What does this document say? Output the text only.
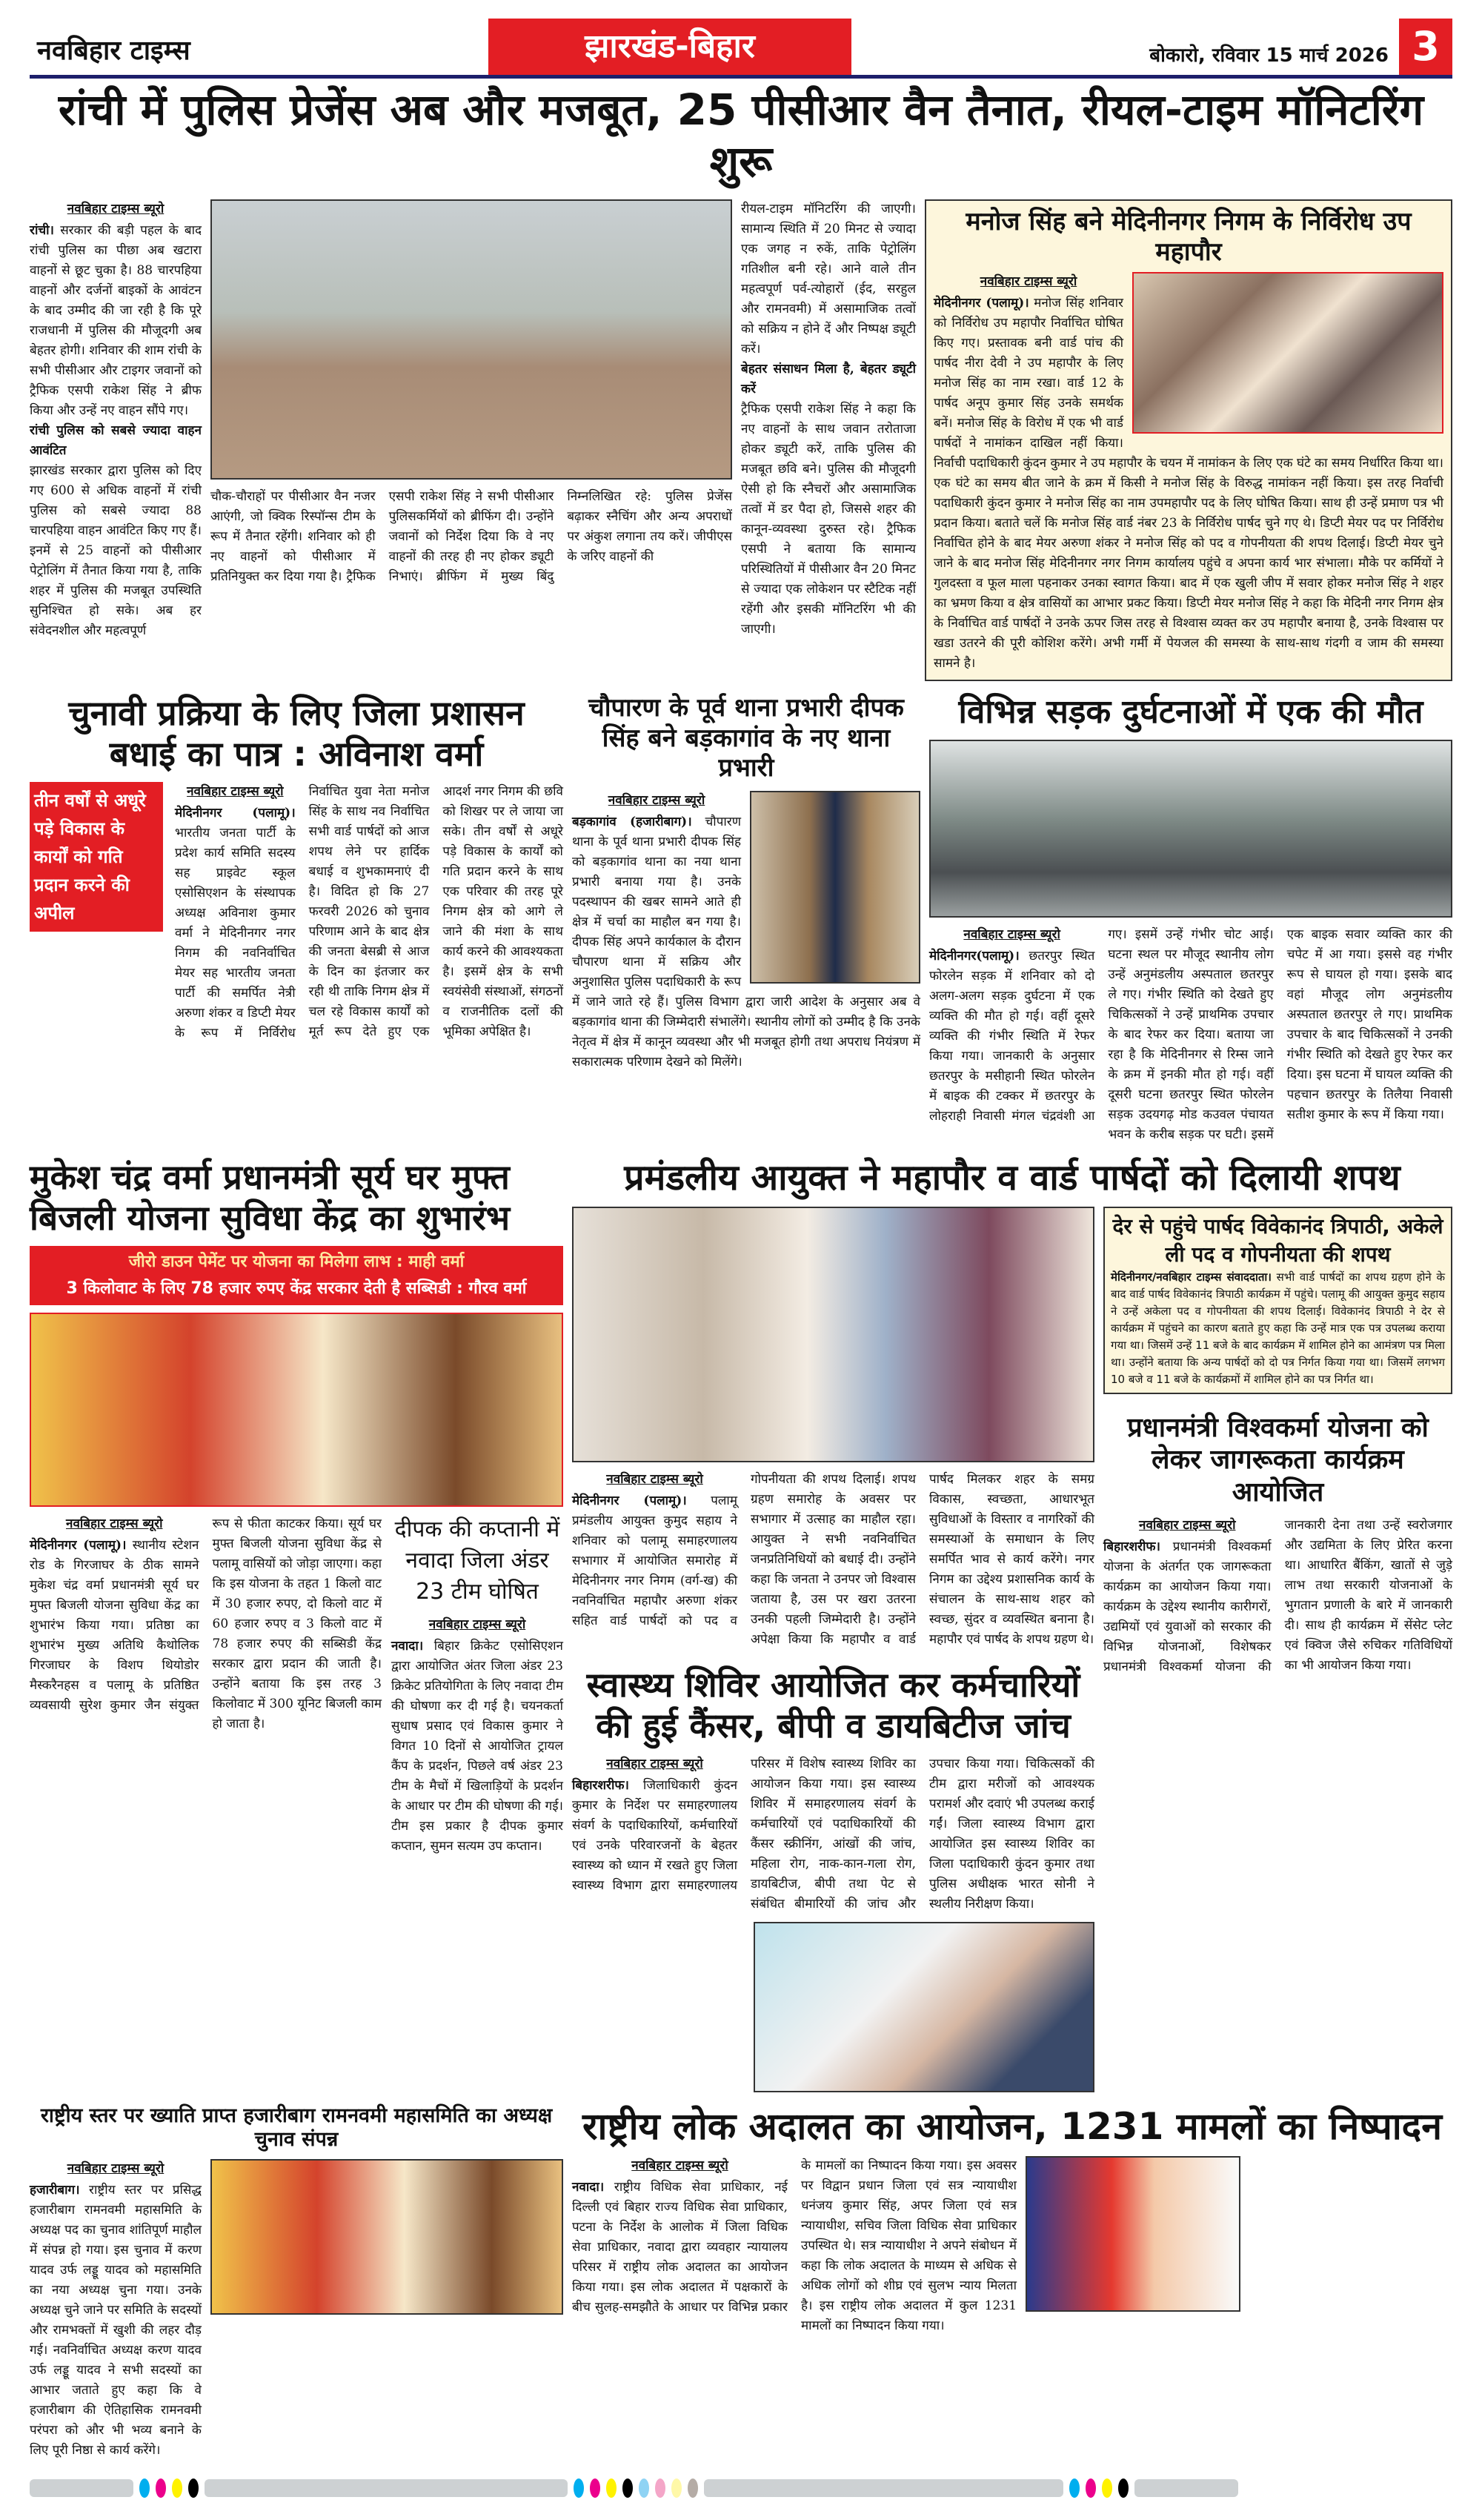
नवबिहार टाइम्स	झारखंड-बिहार	बोकारो, रविवार 15 मार्च 2026 3
रांची में पुलिस प्रेजेंस अब और मजबूत, 25 पीसीआर वैन तैनात, रीयल-टाइम मॉनिटरिंग शुरू
नवबिहार टाइम्स ब्यूरो
रांची। सरकार की बड़ी पहल के बाद रांची पुलिस का पीछा अब खटारा वाहनों से छूट चुका है। 88 चारपहिया वाहनों और दर्जनों बाइकों के आवंटन के बाद उम्मीद की जा रही है कि पूरे राजधानी में पुलिस की मौजूदगी अब बेहतर होगी। शनिवार की शाम रांची के सभी पीसीआर और टाइगर जवानों को ट्रैफिक एसपी राकेश सिंह ने ब्रीफ किया और उन्हें नए वाहन सौंपे गए।
रांची पुलिस को सबसे ज्यादा वाहन आवंटित
झारखंड सरकार द्वारा पुलिस को दिए गए 600 से अधिक वाहनों में रांची पुलिस को सबसे ज्यादा 88 चारपहिया वाहन आवंटित किए गए हैं। इनमें से 25 वाहनों को पीसीआर पेट्रोलिंग में तैनात किया गया है, ताकि शहर में पुलिस की मजबूत उपस्थिति सुनिश्चित हो सके। अब हर संवेदनशील और महत्वपूर्ण
चौक-चौराहों पर पीसीआर वैन नजर आएंगी, जो क्विक रिस्पॉन्स टीम के रूप में तैनात रहेंगी। शनिवार को ही नए वाहनों को पीसीआर में प्रतिनियुक्त कर दिया गया है। ट्रैफिक एसपी राकेश सिंह ने सभी पीसीआर पुलिसकर्मियों को ब्रीफिंग दी। उन्होंने जवानों को निर्देश दिया कि वे नए वाहनों की तरह ही नए होकर ड्यूटी निभाएं। ब्रीफिंग में मुख्य बिंदु निम्नलिखित रहे: पुलिस प्रेजेंस बढ़ाकर स्नैचिंग और अन्य अपराधों पर अंकुश लगाना तय करें। जीपीएस के जरिए वाहनों की
रीयल-टाइम मॉनिटरिंग की जाएगी। सामान्य स्थिति में 20 मिनट से ज्यादा एक जगह न रुकें, ताकि पेट्रोलिंग गतिशील बनी रहे। आने वाले तीन महत्वपूर्ण पर्व-त्योहारों (ईद, सरहुल और रामनवमी) में असामाजिक तत्वों को सक्रिय न होने दें और निष्पक्ष ड्यूटी करें।
बेहतर संसाधन मिला है, बेहतर ड्यूटी करें
ट्रैफिक एसपी राकेश सिंह ने कहा कि नए वाहनों के साथ जवान तरोताजा होकर ड्यूटी करें, ताकि पुलिस की मजबूत छवि बने। पुलिस की मौजूदगी ऐसी हो कि स्नैचरों और असामाजिक तत्वों में डर पैदा हो, जिससे शहर की कानून-व्यवस्था दुरुस्त रहे। ट्रैफिक एसपी ने बताया कि सामान्य परिस्थितियों में पीसीआर वैन 20 मिनट से ज्यादा एक लोकेशन पर स्टैटिक नहीं रहेंगी और इसकी मॉनिटरिंग भी की जाएगी।
मनोज सिंह बने मेदिनीनगर निगम के निर्विरोध उप महापौर
नवबिहार टाइम्स ब्यूरो
मेदिनीनगर (पलामू)। मनोज सिंह शनिवार को निर्विरोध उप महापौर निर्वाचित घोषित किए गए। प्रस्तावक बनी वार्ड पांच की पार्षद नीरा देवी ने उप महापौर के लिए मनोज सिंह का नाम रखा। वार्ड 12 के पार्षद अनूप कुमार सिंह उनके समर्थक बनें। मनोज सिंह के विरोध में एक भी वार्ड पार्षदों ने नामांकन दाखिल नहीं किया। निर्वाची पदाधिकारी कुंदन कुमार ने उप महापौर के चयन में नामांकन के लिए एक घंटे का समय निर्धारित किया था। एक घंटे का समय बीत जाने के क्रम में किसी ने मनोज सिंह के विरुद्ध नामांकन नहीं किया। इस तरह निर्वाची पदाधिकारी कुंदन कुमार ने मनोज सिंह का नाम उपमहापौर पद के लिए घोषित किया। साथ ही उन्हें प्रमाण पत्र भी प्रदान किया। बताते चलें कि मनोज सिंह वार्ड नंबर 23 के निर्विरोध पार्षद चुने गए थे। डिप्टी मेयर पद पर निर्विरोध निर्वाचित होने के बाद मेयर अरुणा शंकर ने मनोज सिंह को पद व गोपनीयता की शपथ दिलाई। डिप्टी मेयर चुने जाने के बाद मनोज सिंह मेदिनीनगर नगर निगम कार्यालय पहुंचे व अपना कार्य भार संभाला। मौके पर कर्मियों ने गुलदस्ता व फूल माला पहनाकर उनका स्वागत किया। बाद में एक खुली जीप में सवार होकर मनोज सिंह ने शहर का भ्रमण किया व क्षेत्र वासियों का आभार प्रकट किया। डिप्टी मेयर मनोज सिंह ने कहा कि मेदिनी नगर निगम क्षेत्र के निर्वाचित वार्ड पार्षदों ने उनके ऊपर जिस तरह से विश्वास व्यक्त कर उप महापौर बनाया है, उनके विश्वास पर खडा उतरने की पूरी कोशिश करेंगे। अभी गर्मी में पेयजल की समस्या के साथ-साथ गंदगी व जाम की समस्या सामने है।
चुनावी प्रक्रिया के लिए जिला प्रशासन बधाई का पात्र : अविनाश वर्मा
तीन वर्षों से अधूरे पड़े विकास के कार्यों को गति प्रदान करने की अपील
नवबिहार टाइम्स ब्यूरो
मेदिनीनगर (पलामू)। भारतीय जनता पार्टी के प्रदेश कार्य समिति सदस्य सह प्राइवेट स्कूल एसोसिएशन के संस्थापक अध्यक्ष अविनाश कुमार वर्मा ने मेदिनीनगर नगर निगम की नवनिर्वाचित मेयर सह भारतीय जनता पार्टी की समर्पित नेत्री अरुणा शंकर व डिप्टी मेयर के रूप में निर्विरोध निर्वाचित युवा नेता मनोज सिंह के साथ नव निर्वाचित सभी वार्ड पार्षदों को आज शपथ लेने पर हार्दिक बधाई व शुभकामनाएं दी है। विदित हो कि 27 फरवरी 2026 को चुनाव परिणाम आने के बाद क्षेत्र की जनता बेसब्री से आज के दिन का इंतजार कर रही थी ताकि निगम क्षेत्र में चल रहे विकास कार्यों को मूर्त रूप देते हुए एक आदर्श नगर निगम की छवि को शिखर पर ले जाया जा सके। तीन वर्षों से अधूरे पड़े विकास के कार्यों को गति प्रदान करने के साथ एक परिवार की तरह पूरे निगम क्षेत्र को आगे ले जाने की मंशा के साथ कार्य करने की आवश्यकता है। इसमें क्षेत्र के सभी स्वयंसेवी संस्थाओं, संगठनों व राजनीतिक दलों की भूमिका अपेक्षित है।
चौपारण के पूर्व थाना प्रभारी दीपक सिंह बने बड़कागांव के नए थाना प्रभारी
नवबिहार टाइम्स ब्यूरो
बड़कागांव (हजारीबाग)। चौपारण थाना के पूर्व थाना प्रभारी दीपक सिंह को बड़कागांव थाना का नया थाना प्रभारी बनाया गया है। उनके पदस्थापन की खबर सामने आते ही क्षेत्र में चर्चा का माहौल बन गया है। दीपक सिंह अपने कार्यकाल के दौरान चौपारण थाना में सक्रिय और अनुशासित पुलिस पदाधिकारी के रूप में जाने जाते रहे हैं। पुलिस विभाग द्वारा जारी आदेश के अनुसार अब वे बड़कागांव थाना की जिम्मेदारी संभालेंगे। स्थानीय लोगों को उम्मीद है कि उनके नेतृत्व में क्षेत्र में कानून व्यवस्था और भी मजबूत होगी तथा अपराध नियंत्रण में सकारात्मक परिणाम देखने को मिलेंगे।
विभिन्न सड़क दुर्घटनाओं में एक की मौत
नवबिहार टाइम्स ब्यूरो
मेदिनीनगर(पलामू)। छतरपुर स्थित फोरलेन सड़क में शनिवार को दो अलग-अलग सड़क दुर्घटना में एक व्यक्ति की मौत हो गई। वहीं दूसरे व्यक्ति की गंभीर स्थिति में रेफर किया गया। जानकारी के अनुसार छतरपुर के मसीहानी स्थित फोरलेन में बाइक की टक्कर में छतरपुर के लोहराही निवासी मंगल चंद्रवंशी आ गए। इसमें उन्हें गंभीर चोट आई। घटना स्थल पर मौजूद स्थानीय लोग उन्हें अनुमंडलीय अस्पताल छतरपुर ले गए। गंभीर स्थिति को देखते हुए चिकित्सकों ने उन्हें प्राथमिक उपचार के बाद रेफर कर दिया। बताया जा रहा है कि मेदिनीनगर से रिम्स जाने के क्रम में इनकी मौत हो गई। वहीं दूसरी घटना छतरपुर स्थित फोरलेन सड़क उदयगढ़ मोड कउवल पंचायत भवन के करीब सड़क पर घटी। इसमें एक बाइक सवार व्यक्ति कार की चपेट में आ गया। इससे वह गंभीर रूप से घायल हो गया। इसके बाद वहां मौजूद लोग अनुमंडलीय अस्पताल छतरपुर ले गए। प्राथमिक उपचार के बाद चिकित्सकों ने उनकी गंभीर स्थिति को देखते हुए रेफर कर दिया। इस घटना में घायल व्यक्ति की पहचान छतरपुर के तिलैया निवासी सतीश कुमार के रूप में किया गया।
मुकेश चंद्र वर्मा प्रधानमंत्री सूर्य घर मुफ्त बिजली योजना सुविधा केंद्र का शुभारंभ
जीरो डाउन पेमेंट पर योजना का मिलेगा लाभ : माही वर्मा
3 किलोवाट के लिए 78 हजार रुपए केंद्र सरकार देती है सब्सिडी : गौरव वर्मा
नवबिहार टाइम्स ब्यूरो
मेदिनीनगर (पलामू)। स्थानीय स्टेशन रोड के गिरजाघर के ठीक सामने मुकेश चंद्र वर्मा प्रधानमंत्री सूर्य घर मुफ्त बिजली योजना सुविधा केंद्र का शुभारंभ किया गया। प्रतिष्ठा का शुभारंभ मुख्य अतिथि कैथोलिक गिरजाघर के विशप थियोडोर मैस्करैनहस व पलामू के प्रतिष्ठित व्यवसायी सुरेश कुमार जैन संयुक्त रूप से फीता काटकर किया। सूर्य घर मुफ्त बिजली योजना सुविधा केंद्र से पलामू वासियों को जोड़ा जाएगा। कहा कि इस योजना के तहत 1 किलो वाट में 30 हजार रुपए, दो किलो वाट में 60 हजार रुपए व 3 किलो वाट में 78 हजार रुपए की सब्सिडी केंद्र सरकार द्वारा प्रदान की जाती है। उन्होंने बताया कि इस तरह 3 किलोवाट में 300 यूनिट बिजली काम हो जाता है।
दीपक की कप्तानी में नवादा जिला अंडर 23 टीम घोषित
नवबिहार टाइम्स ब्यूरो
नवादा। बिहार क्रिकेट एसोसिएशन द्वारा आयोजित अंतर जिला अंडर 23 क्रिकेट प्रतियोगिता के लिए नवादा टीम की घोषणा कर दी गई है। चयनकर्ता सुधाष प्रसाद एवं विकास कुमार ने विगत 10 दिनों से आयोजित ट्रायल कैंप के प्रदर्शन, पिछले वर्ष अंडर 23 टीम के मैचों में खिलाड़ियों के प्रदर्शन के आधार पर टीम की घोषणा की गई। टीम इस प्रकार है दीपक कुमार कप्तान, सुमन सत्यम उप कप्तान।
प्रमंडलीय आयुक्त ने महापौर व वार्ड पार्षदों को दिलायी शपथ
नवबिहार टाइम्स ब्यूरो
मेदिनीनगर (पलामू)। पलामू प्रमंडलीय आयुक्त कुमुद सहाय ने शनिवार को पलामू समाहरणालय सभागार में आयोजित समारोह में मेदिनीनगर नगर निगम (वर्ग-ख) की नवनिर्वाचित महापौर अरुणा शंकर सहित वार्ड पार्षदों को पद व गोपनीयता की शपथ दिलाई। शपथ ग्रहण समारोह के अवसर पर सभागार में उत्साह का माहौल रहा। आयुक्त ने सभी नवनिर्वाचित जनप्रतिनिधियों को बधाई दी। उन्होंने कहा कि जनता ने उनपर जो विश्वास जताया है, उस पर खरा उतरना उनकी पहली जिम्मेदारी है। उन्होंने अपेक्षा किया कि महापौर व वार्ड पार्षद मिलकर शहर के समग्र विकास, स्वच्छता, आधारभूत सुविधाओं के विस्तार व नागरिकों की समस्याओं के समाधान के लिए समर्पित भाव से कार्य करेंगे। नगर निगम का उद्देश्य प्रशासनिक कार्य के संचालन के साथ-साथ शहर को स्वच्छ, सुंदर व व्यवस्थित बनाना है। महापौर एवं पार्षद के शपथ ग्रहण थे।
स्वास्थ्य शिविर आयोजित कर कर्मचारियों की हुई कैंसर, बीपी व डायबिटीज जांच
नवबिहार टाइम्स ब्यूरो
बिहारशरीफ। जिलाधिकारी कुंदन कुमार के निर्देश पर समाहरणालय संवर्ग के पदाधिकारियों, कर्मचारियों एवं उनके परिवारजनों के बेहतर स्वास्थ्य को ध्यान में रखते हुए जिला स्वास्थ्य विभाग द्वारा समाहरणालय परिसर में विशेष स्वास्थ्य शिविर का आयोजन किया गया। इस स्वास्थ्य शिविर में समाहरणालय संवर्ग के कर्मचारियों एवं पदाधिकारियों की कैंसर स्क्रीनिंग, आंखों की जांच, महिला रोग, नाक-कान-गला रोग, डायबिटीज, बीपी तथा पेट से संबंधित बीमारियों की जांच और उपचार किया गया। चिकित्सकों की टीम द्वारा मरीजों को आवश्यक परामर्श और दवाएं भी उपलब्ध कराई गईं। जिला स्वास्थ्य विभाग द्वारा आयोजित इस स्वास्थ्य शिविर का जिला पदाधिकारी कुंदन कुमार तथा पुलिस अधीक्षक भारत सोनी ने स्थलीय निरीक्षण किया।
देर से पहुंचे पार्षद विवेकानंद त्रिपाठी, अकेले ली पद व गोपनीयता की शपथ
मेदिनीनगर/नवबिहार टाइम्स संवाददाता। सभी वार्ड पार्षदों का शपथ ग्रहण होने के बाद वार्ड पार्षद विवेकानंद त्रिपाठी कार्यक्रम में पहुंचे। पलामू की आयुक्त कुमुद सहाय ने उन्हें अकेला पद व गोपनीयता की शपथ दिलाई। विवेकानंद त्रिपाठी ने देर से कार्यक्रम में पहुंचने का कारण बताते हुए कहा कि उन्हें मात्र एक पत्र उपलब्ध कराया गया था। जिसमें उन्हें 11 बजे के बाद कार्यक्रम में शामिल होने का आमंत्रण पत्र मिला था। उन्होंने बताया कि अन्य पार्षदों को दो पत्र निर्गत किया गया था। जिसमें लगभग 10 बजे व 11 बजे के कार्यक्रमों में शामिल होने का पत्र निर्गत था।
प्रधानमंत्री विश्वकर्मा योजना को लेकर जागरूकता कार्यक्रम आयोजित
नवबिहार टाइम्स ब्यूरो
बिहारशरीफ। प्रधानमंत्री विश्वकर्मा योजना के अंतर्गत एक जागरूकता कार्यक्रम का आयोजन किया गया। कार्यक्रम के उद्देश्य स्थानीय कारीगरों, उद्यमियों एवं युवाओं को सरकार की विभिन्न योजनाओं, विशेषकर प्रधानमंत्री विश्वकर्मा योजना की जानकारी देना तथा उन्हें स्वरोजगार और उद्यमिता के लिए प्रेरित करना था। आधारित बैंकिंग, खातों से जुड़े लाभ तथा सरकारी योजनाओं के भुगतान प्रणाली के बारे में जानकारी दी। साथ ही कार्यक्रम में सेंसेट प्लेट एवं क्विज जैसे रुचिकर गतिविधियों का भी आयोजन किया गया।
राष्ट्रीय स्तर पर ख्याति प्राप्त हजारीबाग रामनवमी महासमिति का अध्यक्ष चुनाव संपन्न
नवबिहार टाइम्स ब्यूरो
हजारीबाग। राष्ट्रीय स्तर पर प्रसिद्ध हजारीबाग रामनवमी महासमिति के अध्यक्ष पद का चुनाव शांतिपूर्ण माहौल में संपन्न हो गया। इस चुनाव में करण यादव उर्फ लड्डू यादव को महासमिति का नया अध्यक्ष चुना गया। उनके अध्यक्ष चुने जाने पर समिति के सदस्यों और रामभक्तों में खुशी की लहर दौड़ गई। नवनिर्वाचित अध्यक्ष करण यादव उर्फ लड्डू यादव ने सभी सदस्यों का आभार जताते हुए कहा कि वे हजारीबाग की ऐतिहासिक रामनवमी परंपरा को और भी भव्य बनाने के लिए पूरी निष्ठा से कार्य करेंगे।
राष्ट्रीय लोक अदालत का आयोजन, 1231 मामलों का निष्पादन
नवबिहार टाइम्स ब्यूरो
नवादा। राष्ट्रीय विधिक सेवा प्राधिकार, नई दिल्ली एवं बिहार राज्य विधिक सेवा प्राधिकार, पटना के निर्देश के आलोक में जिला विधिक सेवा प्राधिकार, नवादा द्वारा व्यवहार न्यायालय परिसर में राष्ट्रीय लोक अदालत का आयोजन किया गया। इस लोक अदालत में पक्षकारों के बीच सुलह-समझौते के आधार पर विभिन्न प्रकार के मामलों का निष्पादन किया गया। इस अवसर पर विद्वान प्रधान जिला एवं सत्र न्यायाधीश धनंजय कुमार सिंह, अपर जिला एवं सत्र न्यायाधीश, सचिव जिला विधिक सेवा प्राधिकार उपस्थित थे। सत्र न्यायाधीश ने अपने संबोधन में कहा कि लोक अदालत के माध्यम से अधिक से अधिक लोगों को शीघ्र एवं सुलभ न्याय मिलता है। इस राष्ट्रीय लोक अदालत में कुल 1231 मामलों का निष्पादन किया गया।
